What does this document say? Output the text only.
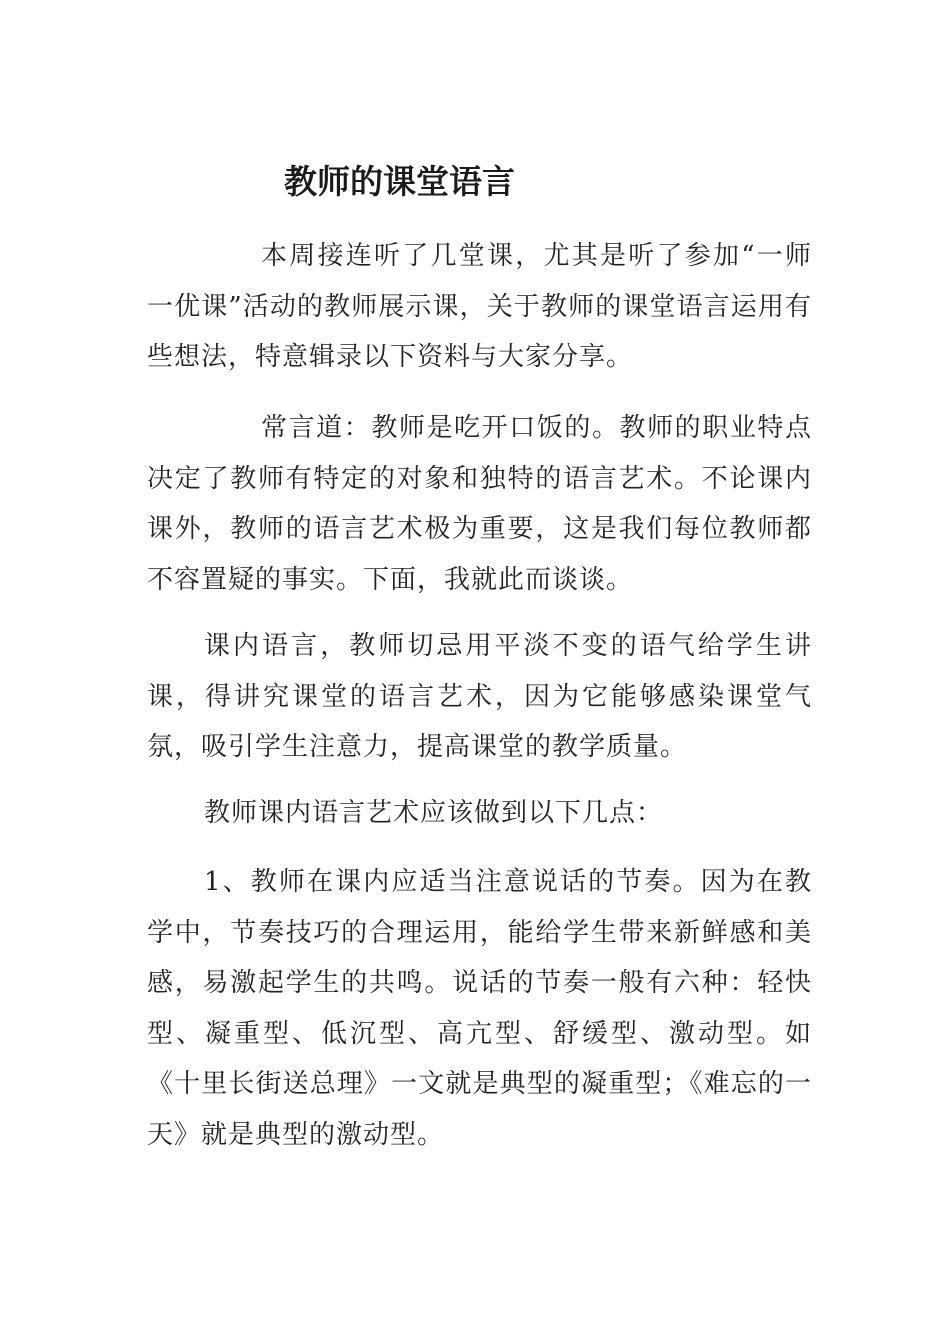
教师的课堂语言

本周接连听了几堂课，尤其是听了参加“一师一优课”活动的教师展示课，关于教师的课堂语言运用有些想法，特意辑录以下资料与大家分享。

常言道：教师是吃开口饭的。教师的职业特点决定了教师有特定的对象和独特的语言艺术。不论课内课外，教师的语言艺术极为重要，这是我们每位教师都不容置疑的事实。下面，我就此而谈谈。

课内语言，教师切忌用平淡不变的语气给学生讲课，得讲究课堂的语言艺术，因为它能够感染课堂气氛，吸引学生注意力，提高课堂的教学质量。

教师课内语言艺术应该做到以下几点：

1、教师在课内应适当注意说话的节奏。因为在教学中，节奏技巧的合理运用，能给学生带来新鲜感和美感，易激起学生的共鸣。说话的节奏一般有六种：轻快型、凝重型、低沉型、高亢型、舒缓型、激动型。如《十里长街送总理》一文就是典型的凝重型；《难忘的一天》就是典型的激动型。
